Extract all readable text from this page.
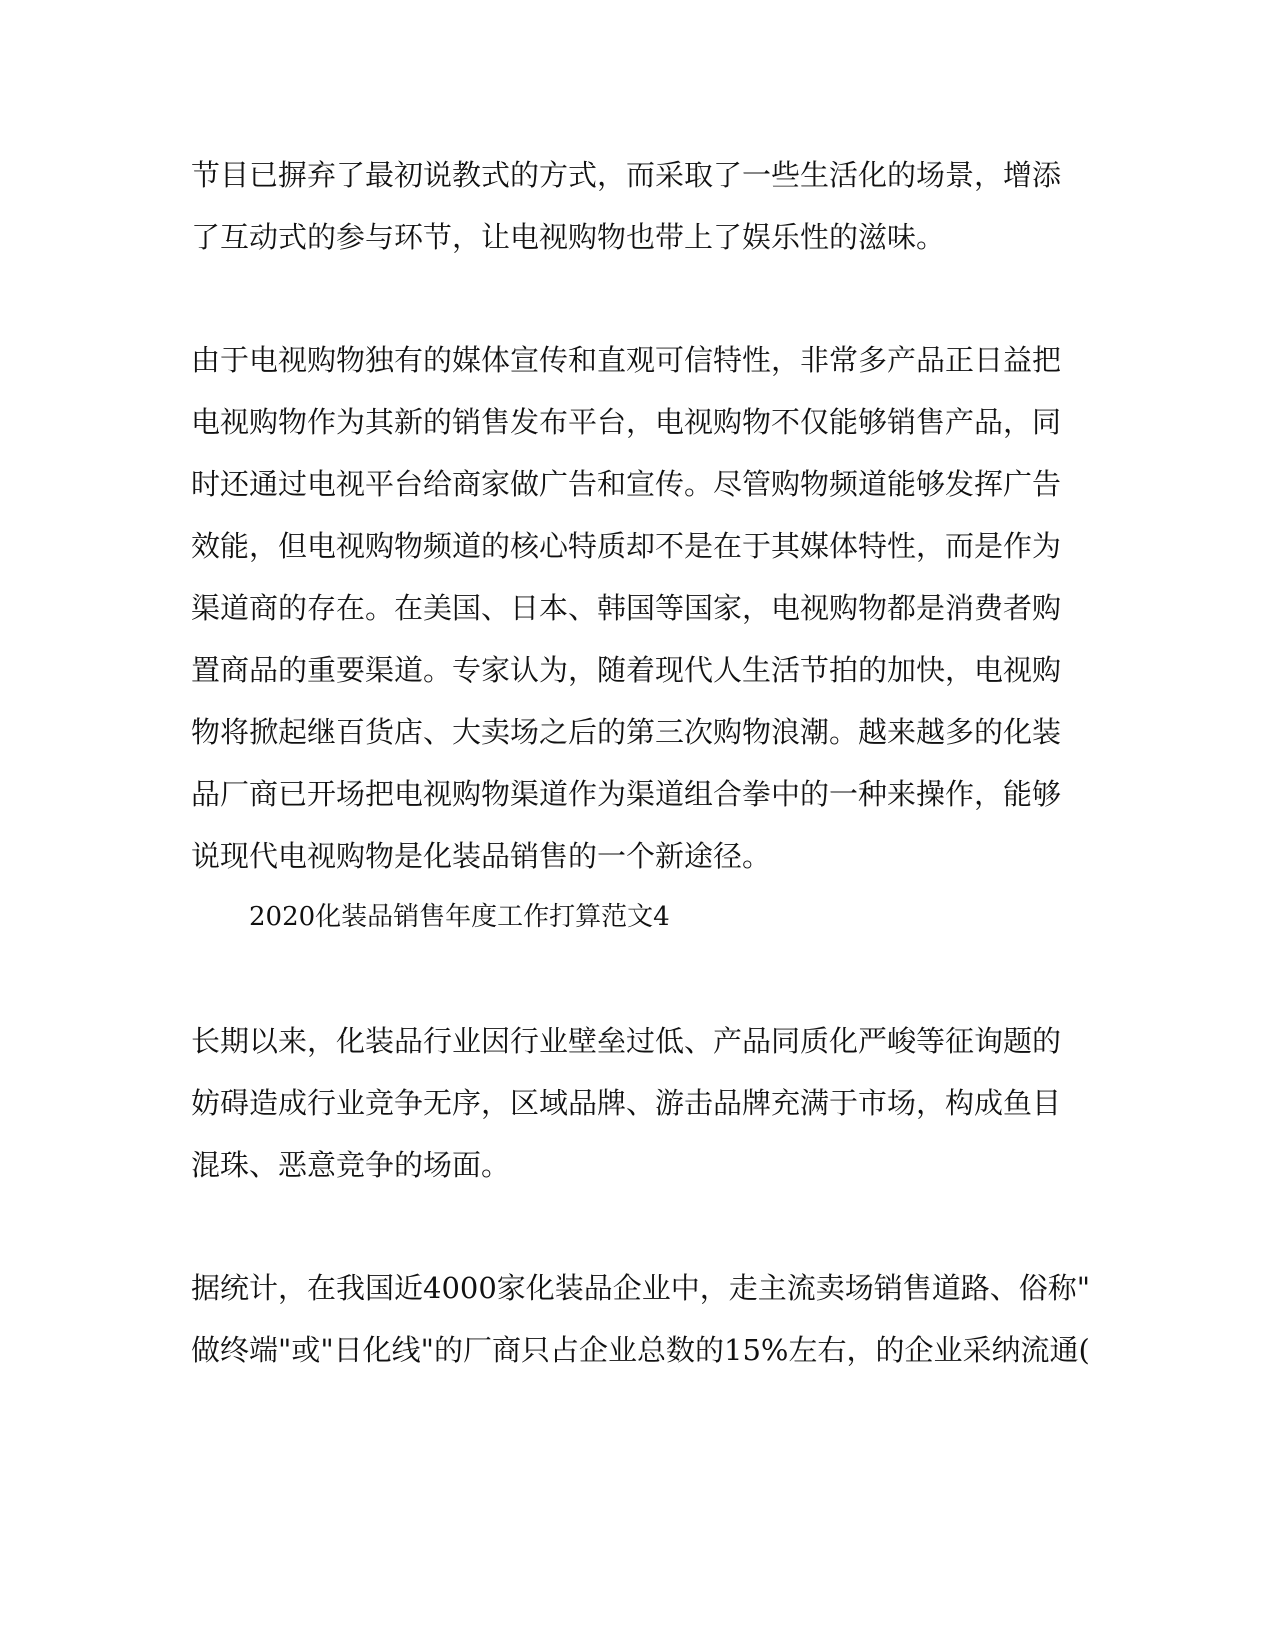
节目已摒弃了最初说教式的方式，而采取了一些生活化的场景，增添
了互动式的参与环节，让电视购物也带上了娱乐性的滋味。
由于电视购物独有的媒体宣传和直观可信特性，非常多产品正日益把
电视购物作为其新的销售发布平台，电视购物不仅能够销售产品，同
时还通过电视平台给商家做广告和宣传。尽管购物频道能够发挥广告
效能，但电视购物频道的核心特质却不是在于其媒体特性，而是作为
渠道商的存在。在美国、日本、韩国等国家，电视购物都是消费者购
置商品的重要渠道。专家认为，随着现代人生活节拍的加快，电视购
物将掀起继百货店、大卖场之后的第三次购物浪潮。越来越多的化装
品厂商已开场把电视购物渠道作为渠道组合拳中的一种来操作，能够
说现代电视购物是化装品销售的一个新途径。
2020化装品销售年度工作打算范文4
长期以来，化装品行业因行业壁垒过低、产品同质化严峻等征询题的
妨碍造成行业竞争无序，区域品牌、游击品牌充满于市场，构成鱼目
混珠、恶意竞争的场面。
据统计，在我国近4000家化装品企业中，走主流卖场销售道路、俗称"
做终端"或"日化线"的厂商只占企业总数的15%左右，的企业采纳流通(
